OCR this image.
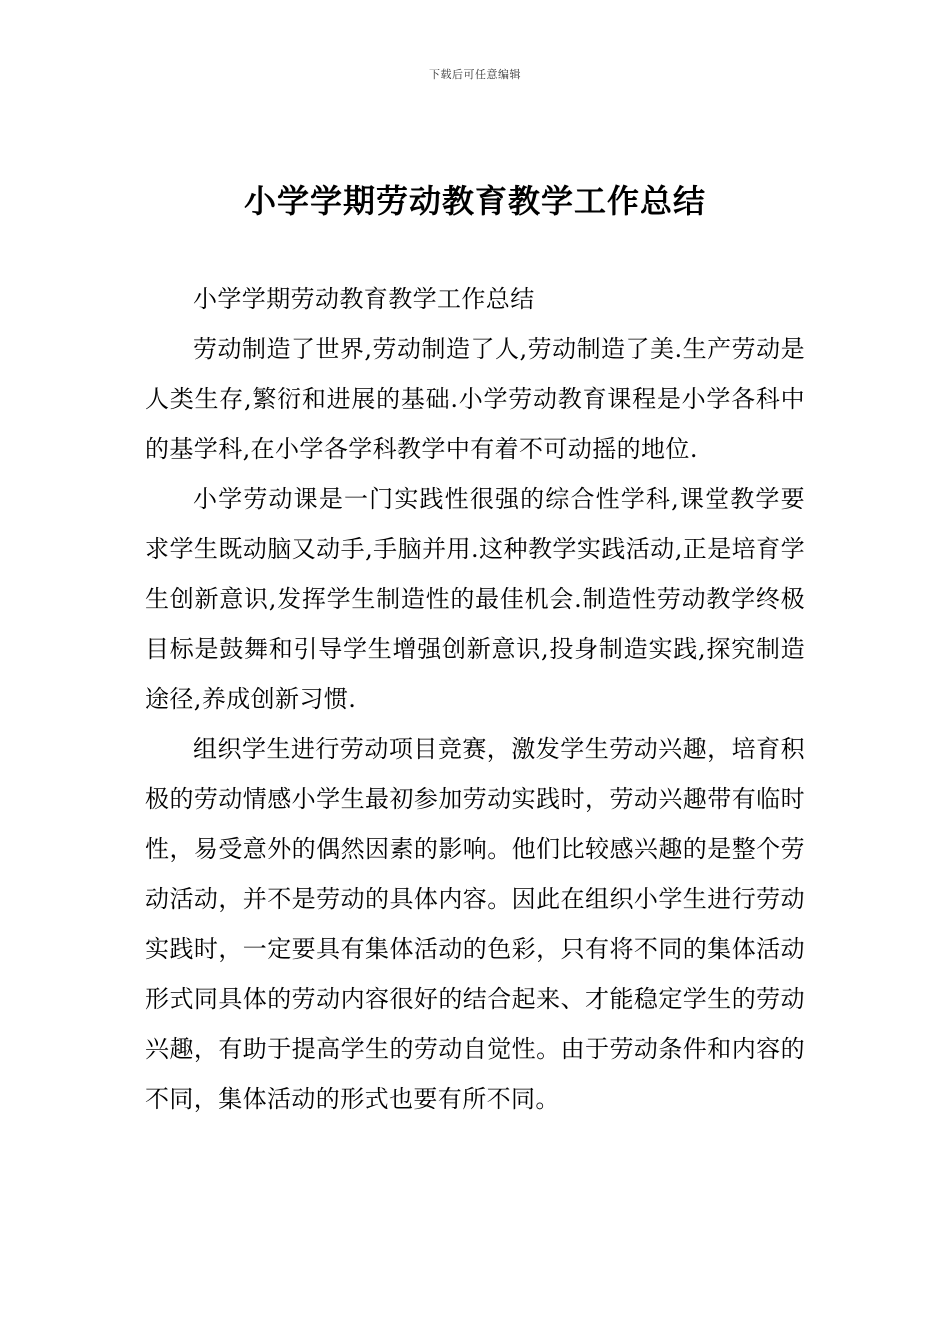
下载后可任意编辑
小学学期劳动教育教学工作总结

小学学期劳动教育教学工作总结

劳动制造了世界,劳动制造了人,劳动制造了美.生产劳动是人类生存,繁衍和进展的基础.小学劳动教育课程是小学各科中的基学科,在小学各学科教学中有着不可动摇的地位.

小学劳动课是一门实践性很强的综合性学科,课堂教学要求学生既动脑又动手,手脑并用.这种教学实践活动,正是培育学生创新意识,发挥学生制造性的最佳机会.制造性劳动教学终极目标是鼓舞和引导学生增强创新意识,投身制造实践,探究制造途径,养成创新习惯.

组织学生进行劳动项目竞赛，激发学生劳动兴趣，培育积极的劳动情感小学生最初参加劳动实践时，劳动兴趣带有临时性，易受意外的偶然因素的影响。他们比较感兴趣的是整个劳动活动，并不是劳动的具体内容。因此在组织小学生进行劳动实践时，一定要具有集体活动的色彩，只有将不同的集体活动形式同具体的劳动内容很好的结合起来、才能稳定学生的劳动兴趣，有助于提高学生的劳动自觉性。由于劳动条件和内容的不同，集体活动的形式也要有所不同。
